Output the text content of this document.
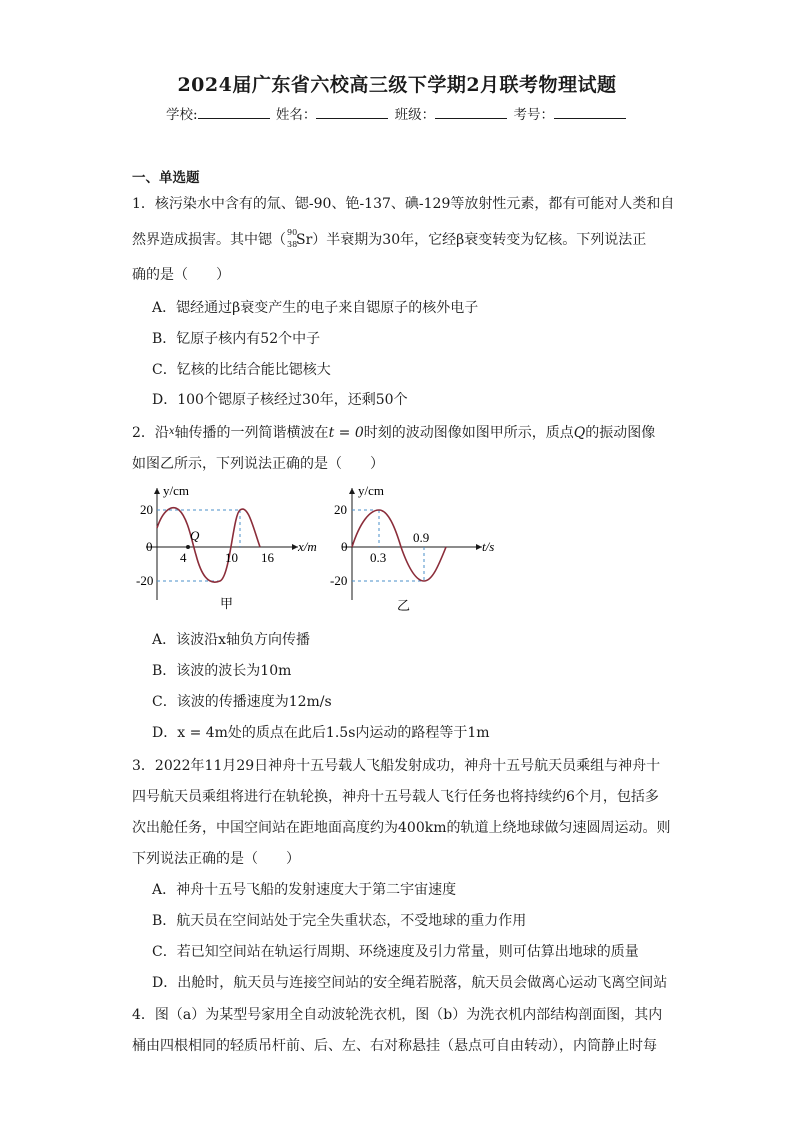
2024届广东省六校高三级下学期2月联考物理试题
学校:	姓名：	班级：	考号：
一、单选题
1．核污染水中含有的氚、锶-90、铯-137、碘-129等放射性元素，都有可能对人类和自
然界造成损害。其中锶（ 90
38
Sr）半衰期为30年，它经β衰变转变为钇核。下列说法正
确的是（　　）
A．锶经通过β衰变产生的电子来自锶原子的核外电子
B．钇原子核内有52个中子
C．钇核的比结合能比锶核大
D．100个锶原子核经过30年，还剩50个
2．沿$^x$轴传播的一列简谐横波在t = 0时刻的波动图像如图甲所示，质点Q的振动图像
如图乙所示，下列说法正确的是（　　）
y/cm
x/m
20
0
-20
4	10 16
Q
甲
y/cm
t/s
20
0
-20
0.3
0.9
乙
A．该波沿x轴负方向传播
B．该波的波长为10m
C．该波的传播速度为12m/s
D．x = 4m处的质点在此后1.5s内运动的路程等于1m
3．2022年11月29日神舟十五号载人飞船发射成功，神舟十五号航天员乘组与神舟十
四号航天员乘组将进行在轨轮换，神舟十五号载人飞行任务也将持续约6个月，包括多
次出舱任务，中国空间站在距地面高度约为400km的轨道上绕地球做匀速圆周运动。则
下列说法正确的是（　　）
A．神舟十五号飞船的发射速度大于第二宇宙速度
B．航天员在空间站处于完全失重状态，不受地球的重力作用
C．若已知空间站在轨运行周期、环绕速度及引力常量，则可估算出地球的质量
D．出舱时，航天员与连接空间站的安全绳若脱落，航天员会做离心运动飞离空间站
4．图（a）为某型号家用全自动波轮洗衣机，图（b）为洗衣机内部结构剖面图，其内
桶由四根相同的轻质吊杆前、后、左、右对称悬挂（悬点可自由转动），内筒静止时每
